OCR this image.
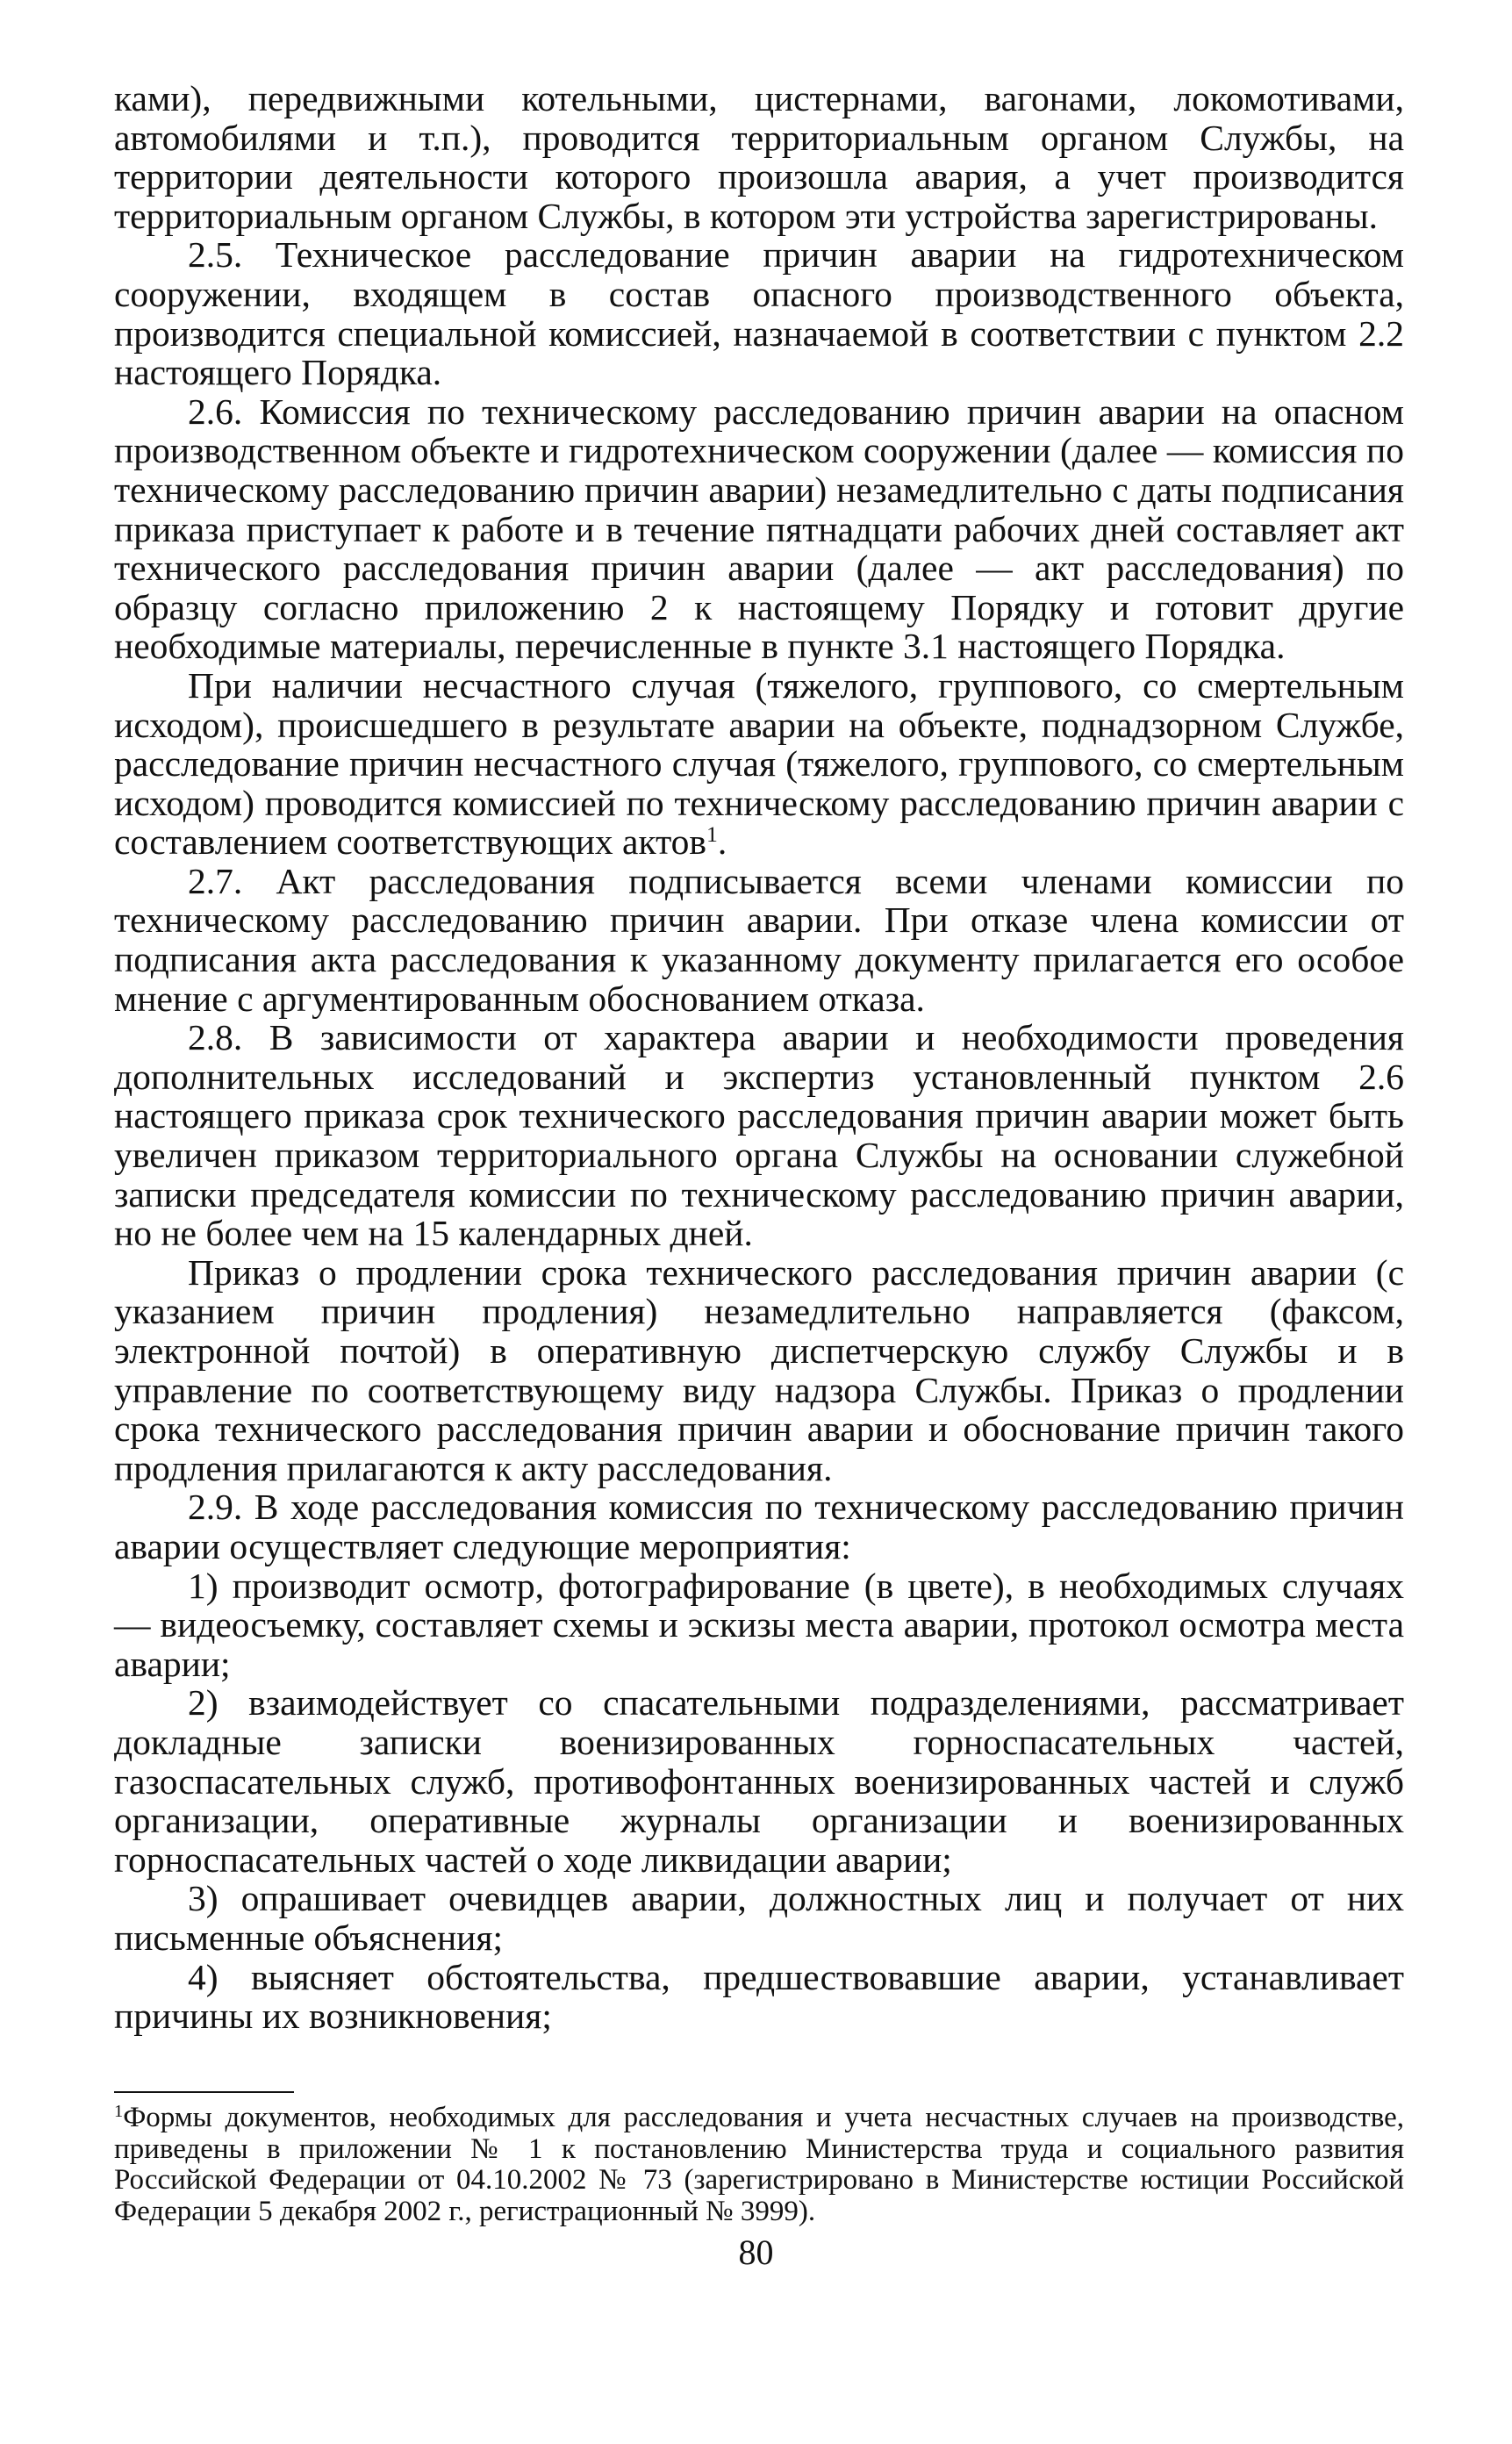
ками), передвижными котельными, цистернами, вагонами, локомотивами, автомобилями и т.п.), проводится территориальным органом Службы, на территории деятельности которого произошла авария, а учет производится территориальным органом Службы, в котором эти устройства зарегистрированы.

2.5. Техническое расследование причин аварии на гидротехническом сооружении, входящем в состав опасного производственного объекта, производится специальной комиссией, назначаемой в соответствии с пунктом 2.2 настоящего Порядка.

2.6. Комиссия по техническому расследованию причин аварии на опасном производственном объекте и гидротехническом сооружении (далее — комиссия по техническому расследованию причин аварии) незамедлительно с даты подписания приказа приступает к работе и в течение пятнадцати рабочих дней составляет акт технического расследования причин аварии (далее — акт расследования) по образцу согласно приложению 2 к настоящему Порядку и готовит другие необходимые материалы, перечисленные в пункте 3.1 настоящего Порядка.

При наличии несчастного случая (тяжелого, группового, со смертельным исходом), происшедшего в результате аварии на объекте, поднадзорном Службе, расследование причин несчастного случая (тяжелого, группового, со смертельным исходом) проводится комиссией по техническому расследованию причин аварии с составлением соответствующих актов$^1$.

2.7. Акт расследования подписывается всеми членами комиссии по техническому расследованию причин аварии. При отказе члена комиссии от подписания акта расследования к указанному документу прилагается его особое мнение с аргументированным обоснованием отказа.

2.8. В зависимости от характера аварии и необходимости проведения дополнительных исследований и экспертиз установленный пунктом 2.6 настоящего приказа срок технического расследования причин аварии может быть увеличен приказом территориального органа Службы на основании служебной записки председателя комиссии по техническому расследованию причин аварии, но не более чем на 15 календарных дней.

Приказ о продлении срока технического расследования причин аварии (с указанием причин продления) незамедлительно направляется (факсом, электронной почтой) в оперативную диспетчерскую службу Службы и в управление по соответствующему виду надзора Службы. Приказ о продлении срока технического расследования причин аварии и обоснование причин такого продления прилагаются к акту расследования.

2.9. В ходе расследования комиссия по техническому расследованию причин аварии осуществляет следующие мероприятия:

1) производит осмотр, фотографирование (в цвете), в необходимых случаях — видеосъемку, составляет схемы и эскизы места аварии, протокол осмотра места аварии;

2) взаимодействует со спасательными подразделениями, рассматривает докладные записки военизированных горноспасательных частей, газоспасательных служб, противофонтанных военизированных частей и служб организации, оперативные журналы организации и военизированных горноспасательных частей о ходе ликвидации аварии;

3) опрашивает очевидцев аварии, должностных лиц и получает от них письменные объяснения;

4) выясняет обстоятельства, предшествовавшие аварии, устанавливает причины их возникновения;

$^1$Формы документов, необходимых для расследования и учета несчастных случаев на производстве, приведены в приложении № 1 к постановлению Министерства труда и социального развития Российской Федерации от 04.10.2002 № 73 (зарегистрировано в Министерстве юстиции Российской Федерации 5 декабря 2002 г., регистрационный № 3999).

80
